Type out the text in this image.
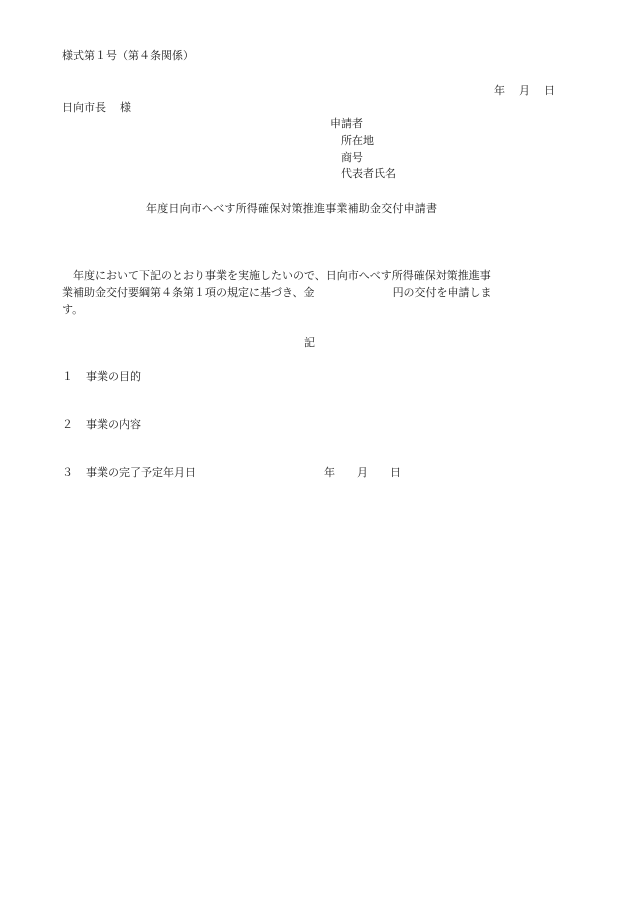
様式第１号（第４条関係）
年 月 日
日向市長 様
申請者
所在地
商号
代表者氏名
年度日向市へべす所得確保対策推進事業補助金交付申請書
　年度において下記のとおり事業を実施したいので、日向市へべす所得確保対策推進事
業補助金交付要綱第４条第１項の規定に基づき、金	円の交付を申請しま
す。
記
１ 事業の目的
２ 事業の内容
３ 事業の完了予定年月日	年 月 日
